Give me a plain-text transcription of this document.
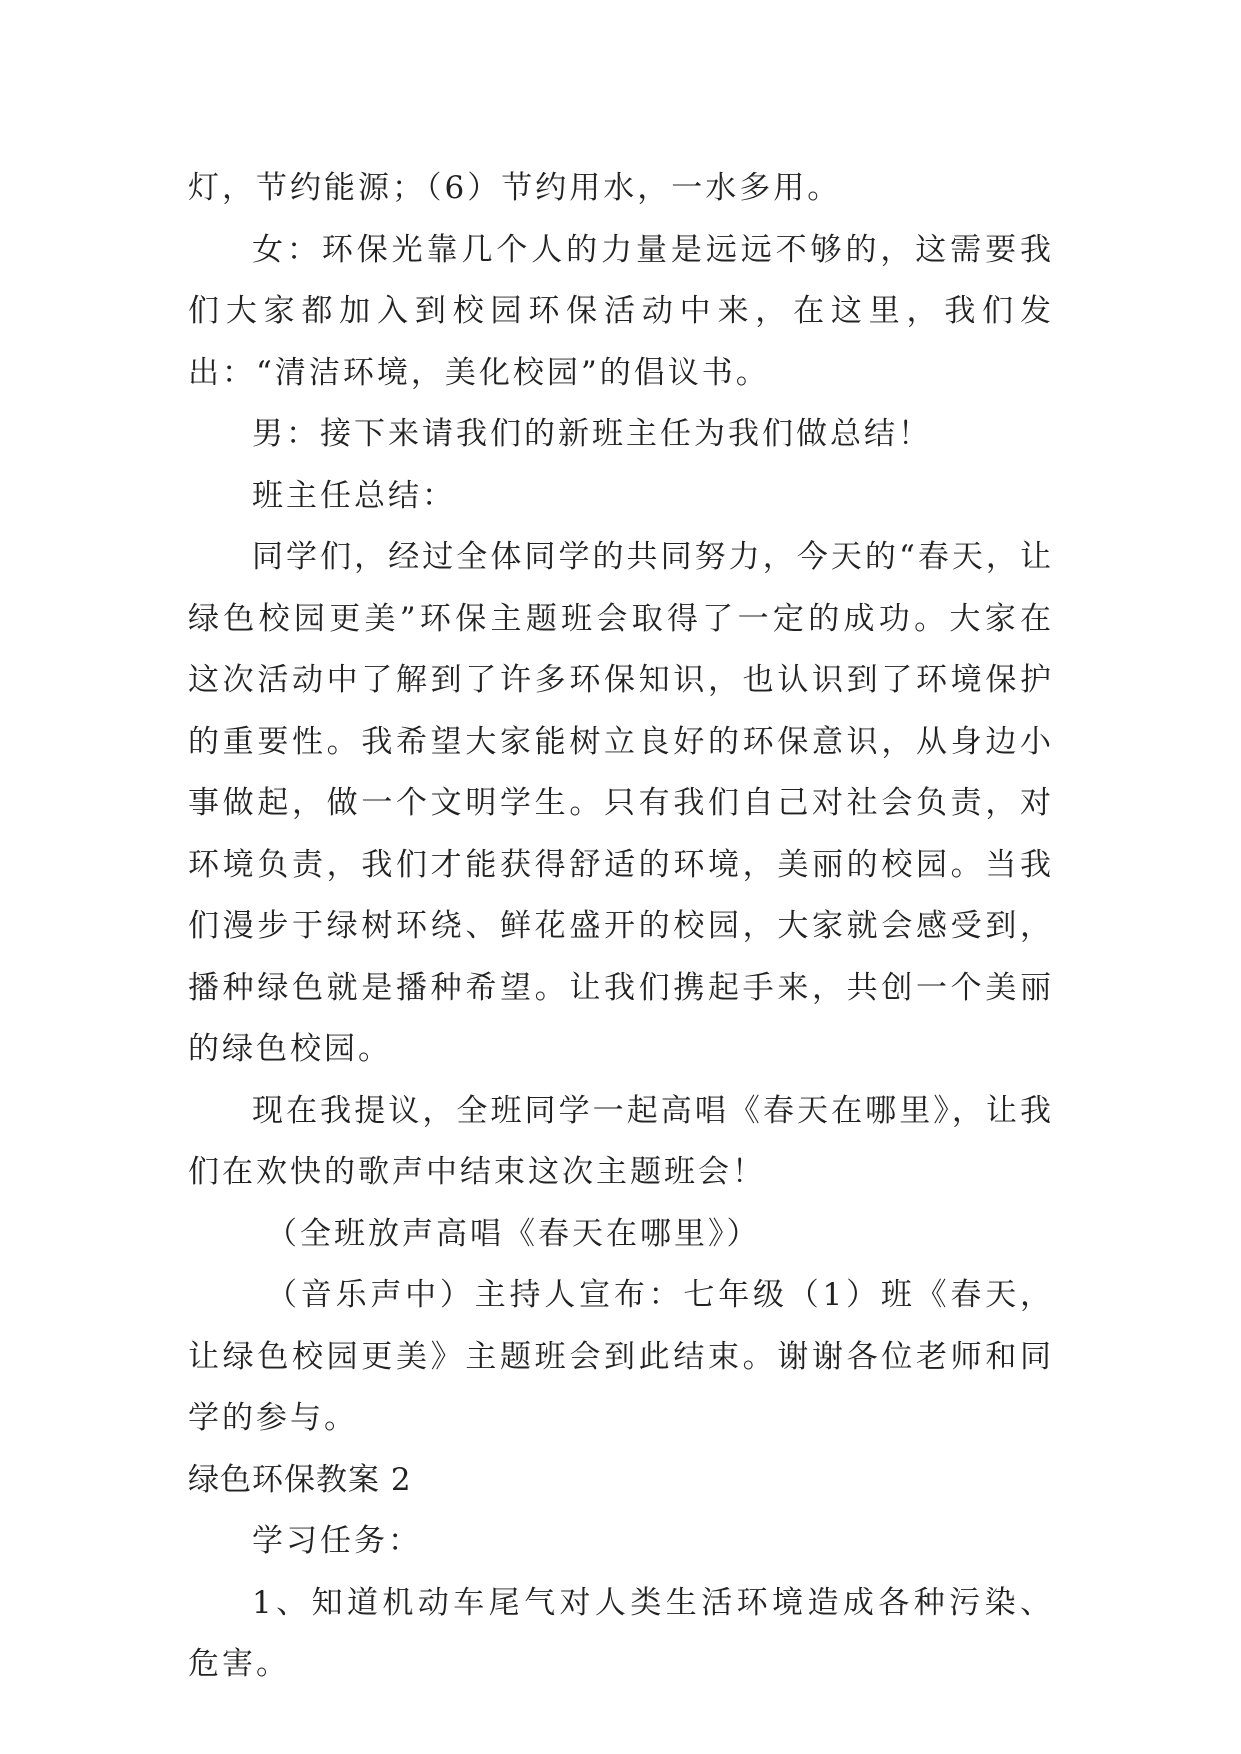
灯，节约能源；（6）节约用水，一水多用。

女：环保光靠几个人的力量是远远不够的，这需要我们大家都加入到校园环保活动中来，在这里，我们发出：“清洁环境，美化校园”的倡议书。

男：接下来请我们的新班主任为我们做总结！

班主任总结：

同学们，经过全体同学的共同努力，今天的“春天，让绿色校园更美”环保主题班会取得了一定的成功。大家在这次活动中了解到了许多环保知识，也认识到了环境保护的重要性。我希望大家能树立良好的环保意识，从身边小事做起，做一个文明学生。只有我们自己对社会负责，对环境负责，我们才能获得舒适的环境，美丽的校园。当我们漫步于绿树环绕、鲜花盛开的校园，大家就会感受到，播种绿色就是播种希望。让我们携起手来，共创一个美丽的绿色校园。

现在我提议，全班同学一起高唱《春天在哪里》，让我们在欢快的歌声中结束这次主题班会！

（全班放声高唱《春天在哪里》）

（音乐声中）主持人宣布：七年级（1）班《春天，让绿色校园更美》主题班会到此结束。谢谢各位老师和同学的参与。

绿色环保教案 2

学习任务：

1、知道机动车尾气对人类生活环境造成各种污染、危害。
